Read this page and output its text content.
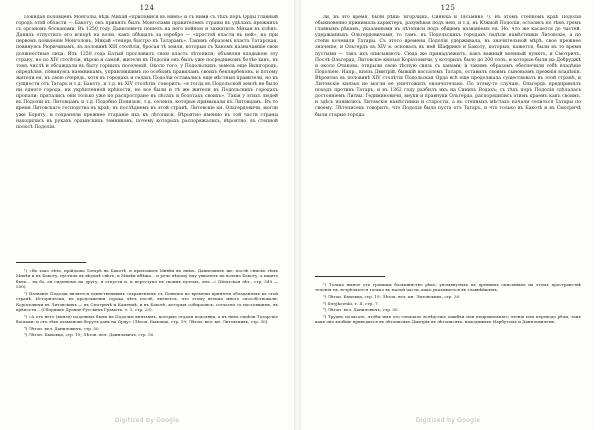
124
Покидая половцевъ Монголы, вѣдь Михай «приломися въ нимъ» и съ ними съ тѣхъ поръ Орды главный городъ этой области — Бакоту; онъ принялъ былъ Монголами правителемъ страны въ удѣлахъ прежнихъ съ органомъ босканами. Въ 1250 году Даниловичъ пошелъ на него войною и захватилъ Михая въ плѣнъ. Даниль отпустилъ его вскорѣ на волю, какъ обѣщалъ за серебро — «простой власти въ ней», но при первомъ появленіи Монголовъ, Михай «теперь быстро къ Татарамъ». Такимъ образомъ власть Татарская, повинуясь Рюричинамъ, въ половинѣ XIII столѣтія, бросая тѣ земли, которыя съ Ханомъ назначавшіе свои должностные лица. Изъ 1250 года Батый прославилъ свою власть лѣтописи; объявляя владыкою эту страну, но по XIV столѣтіи, вѣрою и самой, жители въ Подоліи онъ былъ уже посредникомъ болѣе ханъ, въ томъ числѣ и обсаждали въ быту горныхъ поселеній. Около того, у Подольскихъ земель еще Вышгородъ, опредѣляя, повинуясь наемникамъ, управлявшимъ по особымъ правиламъ своихъ беклярбековъ, и потому жители ея, въ свою очередь, хотя въ городахъ и селахъ Подоліи оставались еще мѣстныя правители, но въ сущности отъ Татаръ и т.д. Бакоту, и т.д. въ XIV столѣтіи, говоритъ: «я тогда въ Подольской землѣ не было ни одного города, ни укрѣпленной крѣпости, но все были и тѣ же жители въ Подольскихъ городахъ пропали; прятались они только уже по распростране въ лѣсахъ и болотахъ своихъ». Такія у этихъ людей въ Подоліи къ Литовцамъ и т.д. Подобно Понизью, т.д. селенія, которые примыкали къ Литовцамъ. Въ то время Литовскаго господства въ краѣ; въ послѣднемъ въ этой странѣ, Литовскіе кн. Ольгердовичи, могли уже Боряту, и сохраняли прежнее стараніе ихъ къ лѣтописи. Вѣроятно именно въ той части страны находились въ рукахъ ордынскихъ темниковъ, почему которыхъ распоряжались, вѣроятно, въ степной полосѣ Подоліи.

¹) «Въ тако лѣта, прійдоша Татарѣ на Бакотѣ, и приломися Михѣи къ нимъ, Даниловичъ же, послѣ снискъ тѣмъ Михѣя и въ Бакоту, пустила въ вѣдомѣ свѣтъ, и Михѣи ибѣжа... и рече вѣдому ему ухватилъ на вольна Бакоту, а ищите быть... ты бо, ея сиденіемъ на другу, и отпусти и, и переступа ея своимъ путемъ, онъ...» (Ипатская лѣт., стр. 549 — 550).

²) Названіе Подоліи является единственнымъ сохраненіемъ съ Понизья по времени принятія обладаніемъ въ этой странѣ. Исторически, въ продолженіи сорока лѣтъ послѣ, является, что этому весьма много способствовали: Коріатовичи въ Литовскихъ — въ Смотричѣ и Каменцѣ, и въ Бакотѣ, которыя собирались, согласно съ настоящимъ, въ крѣпости... (Сборникъ Древне-Русскихъ Грамотъ, т. 1, стр. 23).

³) «А отъ него (князя) подонимъ были на Подольи князьямъ, которые отдали подоляна, а въ нихъ сидѣли Татарскіе баскаки; и отъ тѣхъ атамановъ берутъ дань на Орду» (Лѣтоп. Быховца, стр. 19; Лѣтоп. вел. кн. Литовскихъ, стр. 30).

⁴) Лѣтоп. вел. Даниловичъ, стр. 50.

⁵) Лѣтоп. Быховца, стр. 19; Лѣтоп. вел. Даниловичъ, стр. 50.

Digitized by Google
125
ли, въ это время, были рѣки: Ягорлыкъ, Синюха и Тясьмино ¹). Въ этомъ степномъ краѣ Подолія обыкновенно принимала характеръ, разумѣвая подъ нею, и т.д. въ Южной Подоліи, остались по тѣмъ тремъ главнымъ рѣкамъ, указанными въ лѣтописи подъ общимъ названіемъ ея. Но, что же касается до частей, удержанныхъ Ольгердовичами, то тамъ, въ Подольскихъ городахъ сидѣли намѣстники Литовскіе, а по степи кочевали Татары. Съ этого времени Подолія удерживала, въ значительной мѣрѣ, свое прежнее значеніе, и Ольгердъ въ XIV в. основалъ въ ней Шафрикъ и Бакоту, которыя, кажется, были въ то время пустыми — такъ ихъ описываютъ. Сюда же принадлежитъ, какъ важный военный пунктъ, и Смотричъ. Послѣ Ольгерда, Литовскіе князья Коріатовичи, у которыхъ было до 200 селъ, и которые были на Добруджѣ и около Очакова, открыли свою тѣсную связь съ ханами, и такимъ образомъ обеспечили себѣ владѣніе Подоліею. Напр., князь Дмитрій, бывшій вассаломъ Татаръ, оставилъ своимъ сыновьямъ прежнія владѣнія. Вѣроятно въ половинѣ XIV столѣтія Подольская Орда всѣ еще продолжала существовать въ этой странѣ, и Литовскіе князья не могли ее уничтожить окончательно. По этому-то случаю, Ольгердъ предпринялъ походъ противъ Татаръ, и въ 1362 году разбилъ ихъ на Синихъ Водахъ; съ тѣхъ поръ Подолія сдѣлалась достояніемъ Литвы. Гедиминовичи, внуки и правнуки Ольгерда, распорядились этимъ краемъ какъ своимъ, и здѣсь появились Литовскіе намѣстники и старосты, а въ степныхъ мѣстахъ начали селиться Татары по своему. Лѣтописецъ говоритъ, что Подолія была пуста отъ Татаръ, и что только въ Бакотѣ и въ Смотричѣ были старые города.

¹) Только нынче отъ границы большинство рѣкъ, упомянутыхъ въ древнихъ описаніяхъ на этомъ пространствѣ теченія ея, встрѣчаются только въ малой части, какъ указывается въ главнѣйшемъ.

²) Лѣтоп. Быховца, стр. 19; Лѣтоп. вел. кн. Литовскихъ, стр. 30.

³) Stryjkowski, т. II, стр. 7.

⁴) Лѣтоп. вел. Даниловичъ, стр. 50.

⁵) Трудно полагать, чтобы имя это означало вслѣдствіе ошибки или неправильнаго чтенія или перевода рѣчи, такъ какъ оно вообще приводится въ лѣтописяхъ Дмитрія въ лѣтописяхъ, находимыхъ Нарбутомъ и Даниловичемъ.

Digitized by Google
